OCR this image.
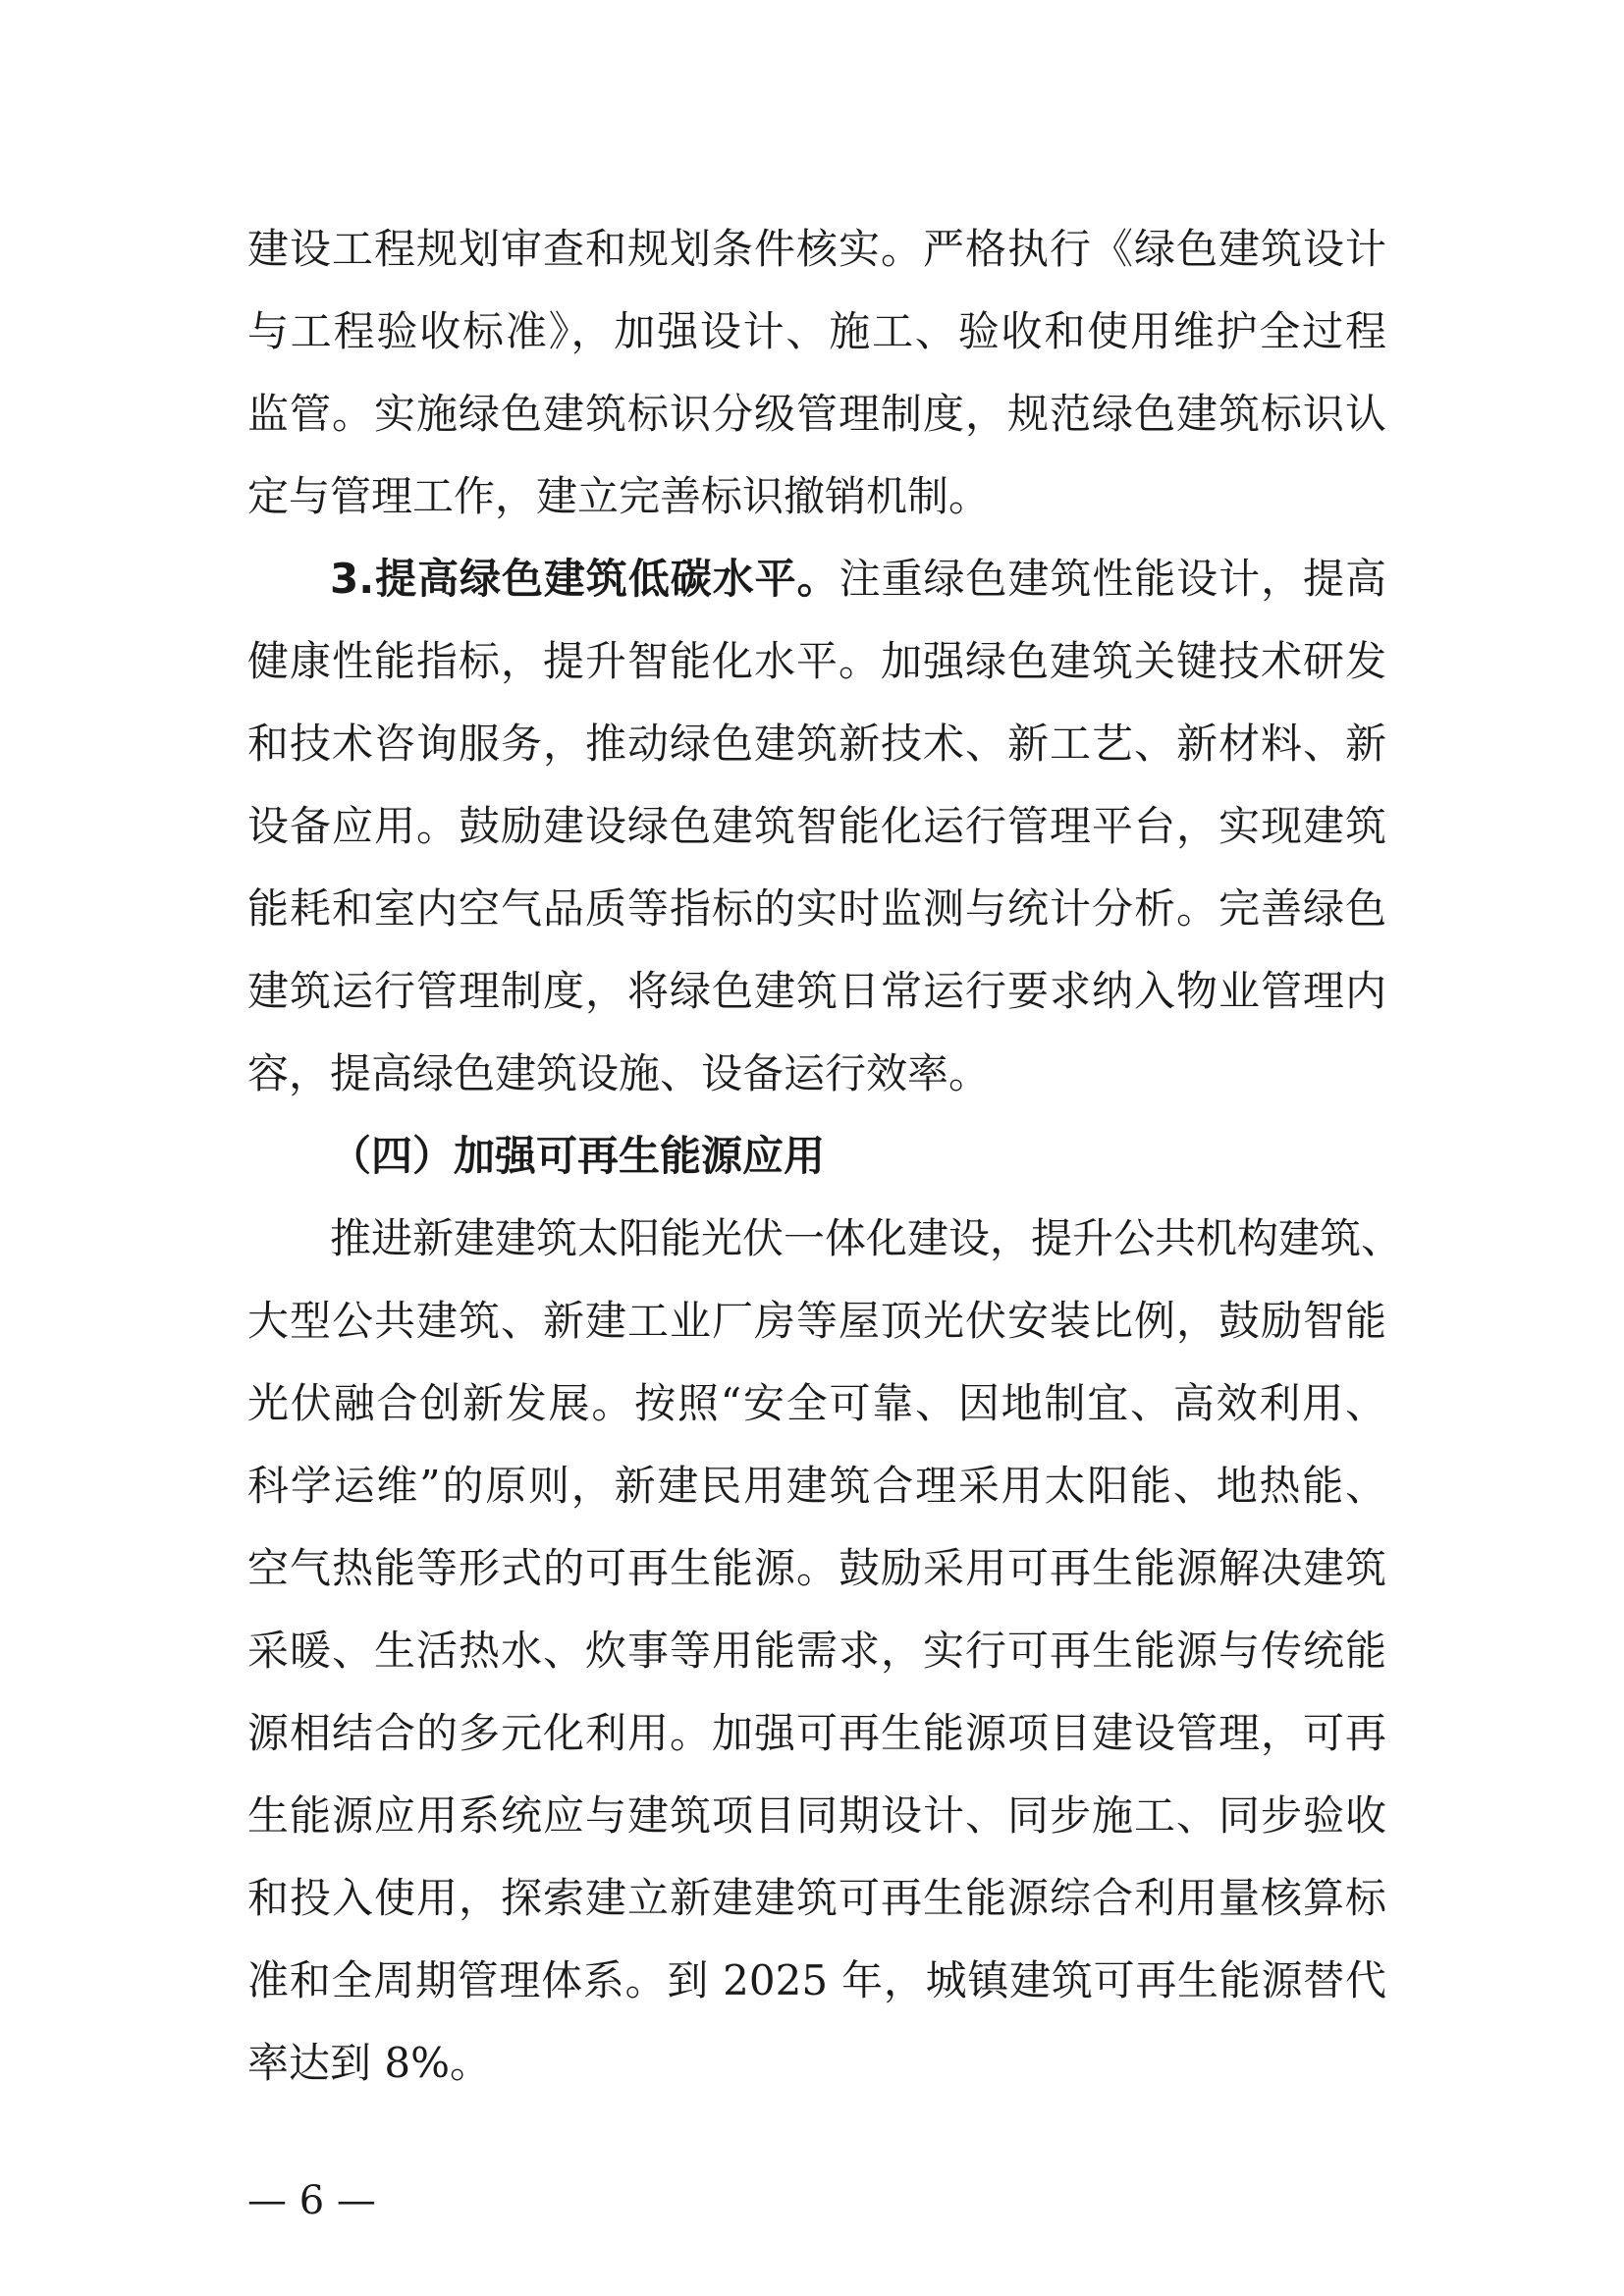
建设工程规划审查和规划条件核实。严格执行《绿色建筑设计
与工程验收标准》，加强设计、施工、验收和使用维护全过程
监管。实施绿色建筑标识分级管理制度，规范绿色建筑标识认
定与管理工作，建立完善标识撤销机制。
3.提高绿色建筑低碳水平。注重绿色建筑性能设计，提高
健康性能指标，提升智能化水平。加强绿色建筑关键技术研发
和技术咨询服务，推动绿色建筑新技术、新工艺、新材料、新
设备应用。鼓励建设绿色建筑智能化运行管理平台，实现建筑
能耗和室内空气品质等指标的实时监测与统计分析。完善绿色
建筑运行管理制度，将绿色建筑日常运行要求纳入物业管理内
容，提高绿色建筑设施、设备运行效率。
（四）加强可再生能源应用
推进新建建筑太阳能光伏一体化建设，提升公共机构建筑、
大型公共建筑、新建工业厂房等屋顶光伏安装比例，鼓励智能
光伏融合创新发展。按照“安全可靠、因地制宜、高效利用、
科学运维”的原则，新建民用建筑合理采用太阳能、地热能、
空气热能等形式的可再生能源。鼓励采用可再生能源解决建筑
采暖、生活热水、炊事等用能需求，实行可再生能源与传统能
源相结合的多元化利用。加强可再生能源项目建设管理，可再
生能源应用系统应与建筑项目同期设计、同步施工、同步验收
和投入使用，探索建立新建建筑可再生能源综合利用量核算标
准和全周期管理体系。到 2025 年，城镇建筑可再生能源替代
率达到 8%。
— 6 —
